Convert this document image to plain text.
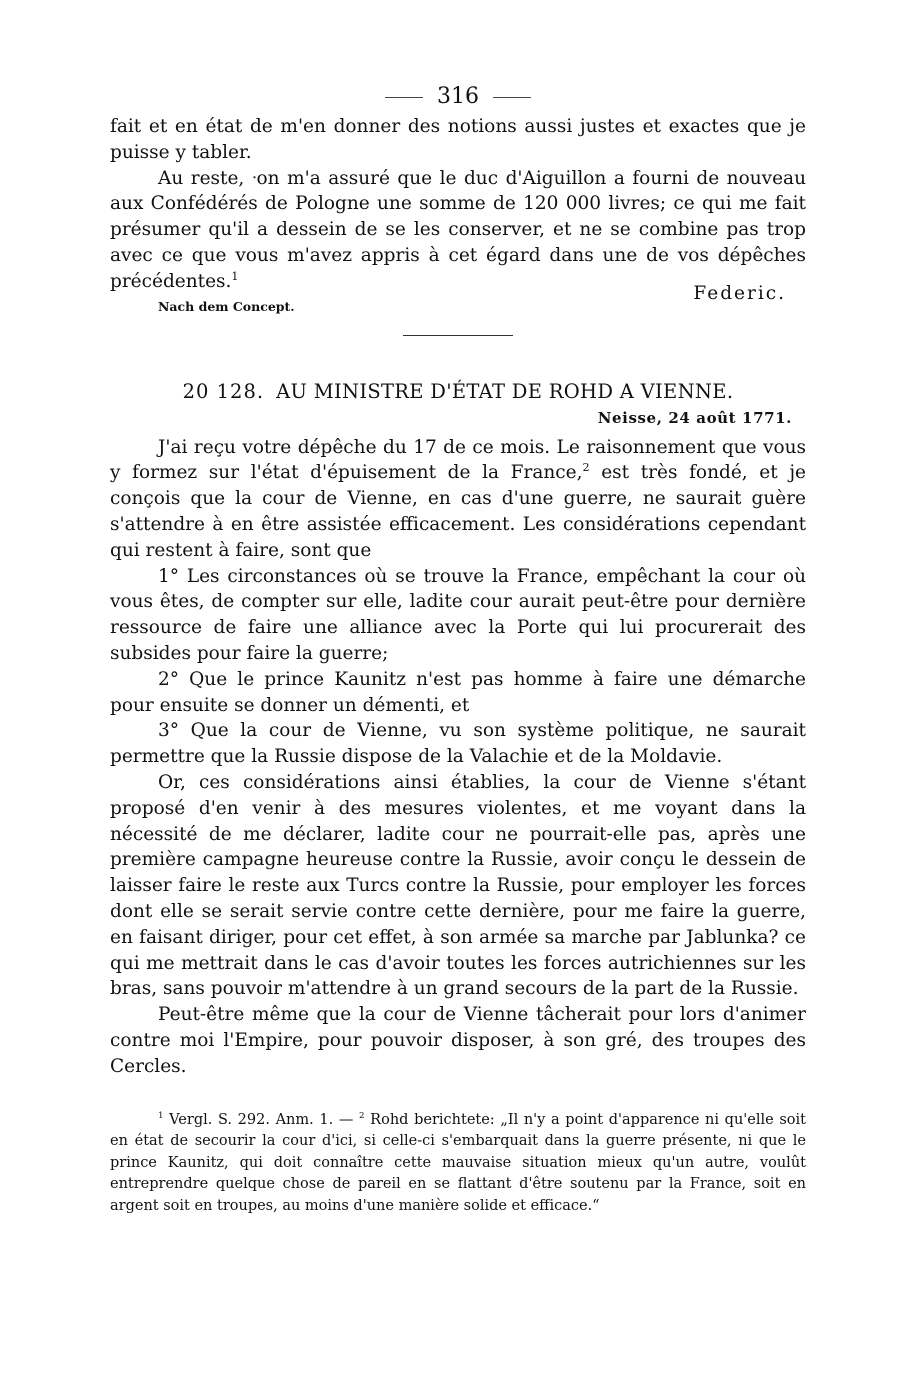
316

fait et en état de m'en donner des notions aussi justes et exactes que je puisse y tabler.

Au reste, ᐧon m'a assuré que le duc d'Aiguillon a fourni de nouveau aux Confédérés de Pologne une somme de 120 000 livres; ce qui me fait présumer qu'il a dessein de se les conserver, et ne se combine pas trop avec ce que vous m'avez appris à cet égard dans une de vos dépêches précédentes.$^1$

Nach dem Concept.
Federic.
20 128. AU MINISTRE D'ÉTAT DE ROHD A VIENNE.
Neisse, 24 août 1771.

J'ai reçu votre dépêche du 17 de ce mois. Le raisonnement que vous y formez sur l'état d'épuisement de la France,$^2$ est très fondé, et je conçois que la cour de Vienne, en cas d'une guerre, ne saurait guère s'attendre à en être assistée efficacement. Les considérations cependant qui restent à faire, sont que

1° Les circonstances où se trouve la France, empêchant la cour où vous êtes, de compter sur elle, ladite cour aurait peut-être pour dernière ressource de faire une alliance avec la Porte qui lui procurerait des subsides pour faire la guerre;

2° Que le prince Kaunitz n'est pas homme à faire une démarche pour ensuite se donner un démenti, et

3° Que la cour de Vienne, vu son système politique, ne saurait permettre que la Russie dispose de la Valachie et de la Moldavie.

Or, ces considérations ainsi établies, la cour de Vienne s'étant proposé d'en venir à des mesures violentes, et me voyant dans la nécessité de me déclarer, ladite cour ne pourrait-elle pas, après une première campagne heureuse contre la Russie, avoir conçu le dessein de laisser faire le reste aux Turcs contre la Russie, pour employer les forces dont elle se serait servie contre cette dernière, pour me faire la guerre, en faisant diriger, pour cet effet, à son armée sa marche par Jablunka? ce qui me mettrait dans le cas d'avoir toutes les forces autrichiennes sur les bras, sans pouvoir m'attendre à un grand secours de la part de la Russie.

Peut-être même que la cour de Vienne tâcherait pour lors d'animer contre moi l'Empire, pour pouvoir disposer, à son gré, des troupes des Cercles.

$^1$ Vergl. S. 292. Anm. 1. — $^2$ Rohd berichtete: „Il n'y a point d'apparence ni qu'elle soit en état de secourir la cour d'ici, si celle-ci s'embarquait dans la guerre présente, ni que le prince Kaunitz, qui doit connaître cette mauvaise situation mieux qu'un autre, voulût entreprendre quelque chose de pareil en se flattant d'être soutenu par la France, soit en argent soit en troupes, au moins d'une manière solide et efficace.“
